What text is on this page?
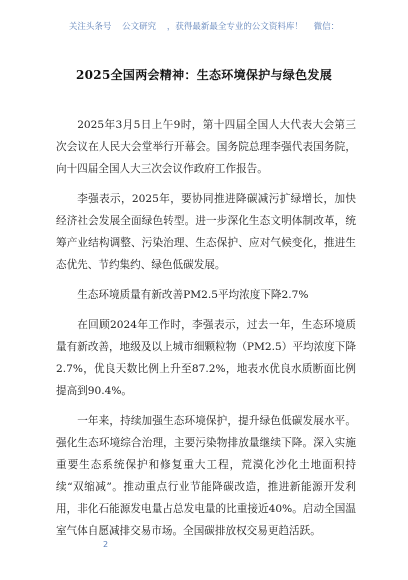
关注头条号 公文研究 ，获得最新最全专业的公文资料库！ 微信：
2025全国两会精神：生态环境保护与绿色发展

2025年3月5日上午9时，第十四届全国人大代表大会第三次会议在人民大会堂举行开幕会。国务院总理李强代表国务院，向十四届全国人大三次会议作政府工作报告。

李强表示，2025年，要协同推进降碳减污扩绿增长，加快经济社会发展全面绿色转型。进一步深化生态文明体制改革，统筹产业结构调整、污染治理、生态保护、应对气候变化，推进生态优先、节约集约、绿色低碳发展。

生态环境质量有新改善PM2.5平均浓度下降2.7%

在回顾2024年工作时，李强表示，过去一年，生态环境质量有新改善，地级及以上城市细颗粒物（PM2.5）平均浓度下降2.7%，优良天数比例上升至87.2%，地表水优良水质断面比例提高到90.4%。

一年来，持续加强生态环境保护，提升绿色低碳发展水平。强化生态环境综合治理，主要污染物排放量继续下降。深入实施重要生态系统保护和修复重大工程，荒漠化沙化土地面积持续“双缩减”。推动重点行业节能降碳改造，推进新能源开发利用，非化石能源发电量占总发电量的比重接近40%。启动全国温室气体自愿减排交易市场。全国碳排放权交易更趋活跃。

2
